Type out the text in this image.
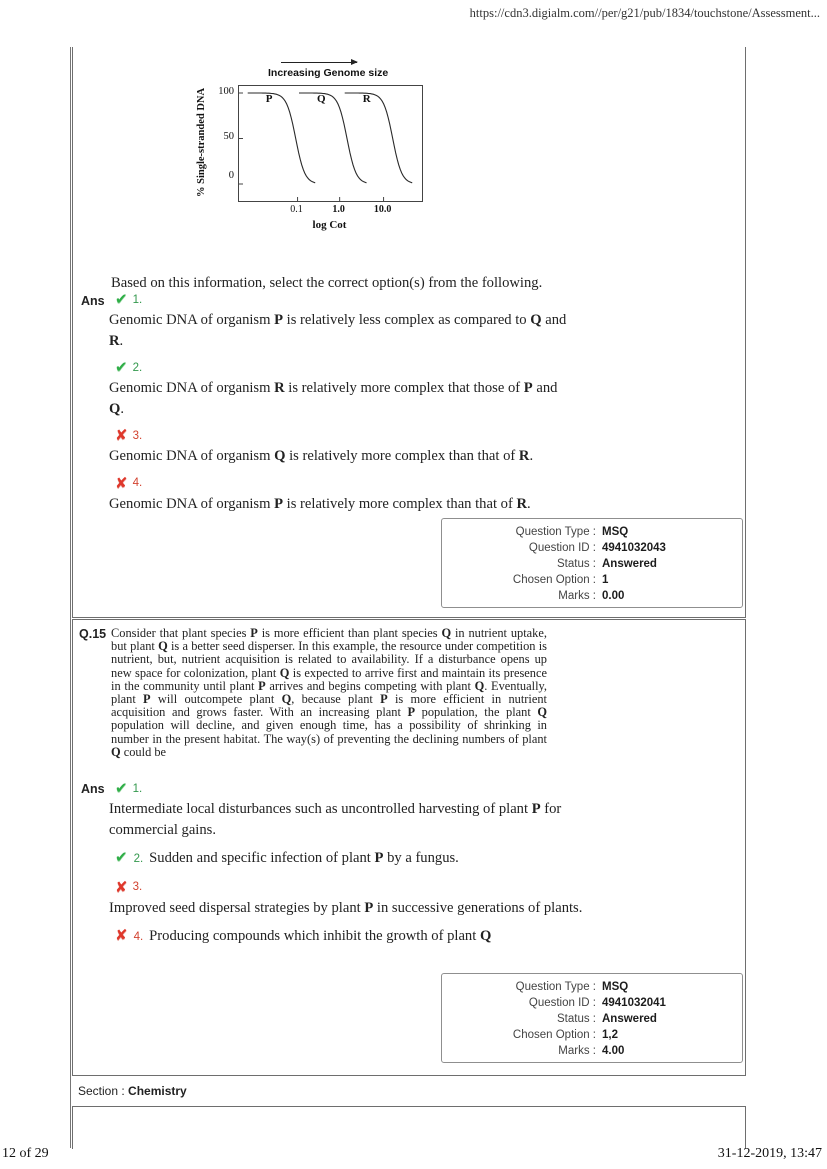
https://cdn3.digialm.com//per/g21/pub/1834/touchstone/Assessment...
Increasing Genome size
% Single-stranded DNA	100
50
0
P	Q	R
0.1	1.0	10.0
log Cot
Based on this information, select the correct option(s) from the following.
Ans ✔ 1.
Genomic DNA of organism P is relatively less complex as compared to Q and R.
✔ 2.
Genomic DNA of organism R is relatively more complex that those of P and Q.
✘ 3.
Genomic DNA of organism Q is relatively more complex than that of R.
✘ 4.
Genomic DNA of organism P is relatively more complex than that of R.
Question Type : MSQ
Question ID : 4941032043
Status : Answered
Chosen Option : 1
Marks : 0.00
Q.15 Consider that plant species P is more efficient than plant species Q in nutrient uptake, but plant Q is a better seed disperser. In this example, the resource under competition is nutrient, but, nutrient acquisition is related to availability. If a disturbance opens up new space for colonization, plant Q is expected to arrive first and maintain its presence in the community until plant P arrives and begins competing with plant Q. Eventually, plant P will outcompete plant Q, because plant P is more efficient in nutrient acquisition and grows faster. With an increasing plant P population, the plant Q population will decline, and given enough time, has a possibility of shrinking in number in the present habitat. The way(s) of preventing the declining numbers of plant Q could be
Ans ✔ 1.
Intermediate local disturbances such as uncontrolled harvesting of plant P for commercial gains.
✔ 2. Sudden and specific infection of plant P by a fungus.
✘ 3.
Improved seed dispersal strategies by plant P in successive generations of plants.
✘ 4. Producing compounds which inhibit the growth of plant Q
Question Type : MSQ
Question ID : 4941032041
Status : Answered
Chosen Option : 1,2
Marks : 4.00
Section : Chemistry
12 of 29	31-12-2019, 13:47
